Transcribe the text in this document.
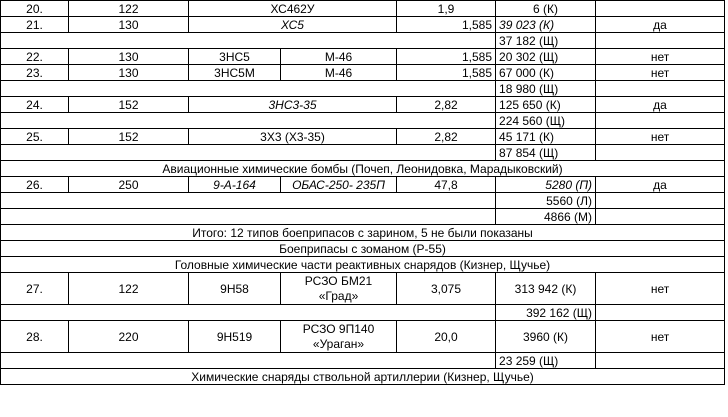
20.	122	ХС462У		1,9	6 (К)	
21.	130	ХС5		1,585	39 023 (К)	да
					37 182 (Щ)	
22.	130	3НС5	М-46	1,585	20 302 (Щ)	нет
23.	130	3НС5М	М-46	1,585	67 000 (К)	нет
					18 980 (Щ)	
24.	152	3НС3-35		2,82	125 650 (К)	да
					224 560 (Щ)	
25.	152	3Х3 (Х3-35)		2,82	45 171 (К)	нет
					87 854 (Щ)	
Авиационные химические бомбы (Почеп, Леонидовка, Марадыковский)						
26.	250	9-А-164	ОБАС-250- 235П	47,8	5280 (П)	да
					5560 (Л)	
					4866 (М)	
Итого: 12 типов боеприпасов с зарином, 5 не были показаны						
Боеприпасы с зоманом (Р-55)						
Головные химические части реактивных снарядов (Кизнер, Щучье)						
27.	122	9Н58	РСЗО БМ21 «Град»	3,075	313 942 (К)	нет
					392 162 (Щ)	
28.	220	9Н519	РСЗО 9П140 «Ураган»	20,0	3960 (К)	нет
					23 259 (Щ)	
Химические снаряды ствольной артиллерии (Кизнер, Щучье)						
